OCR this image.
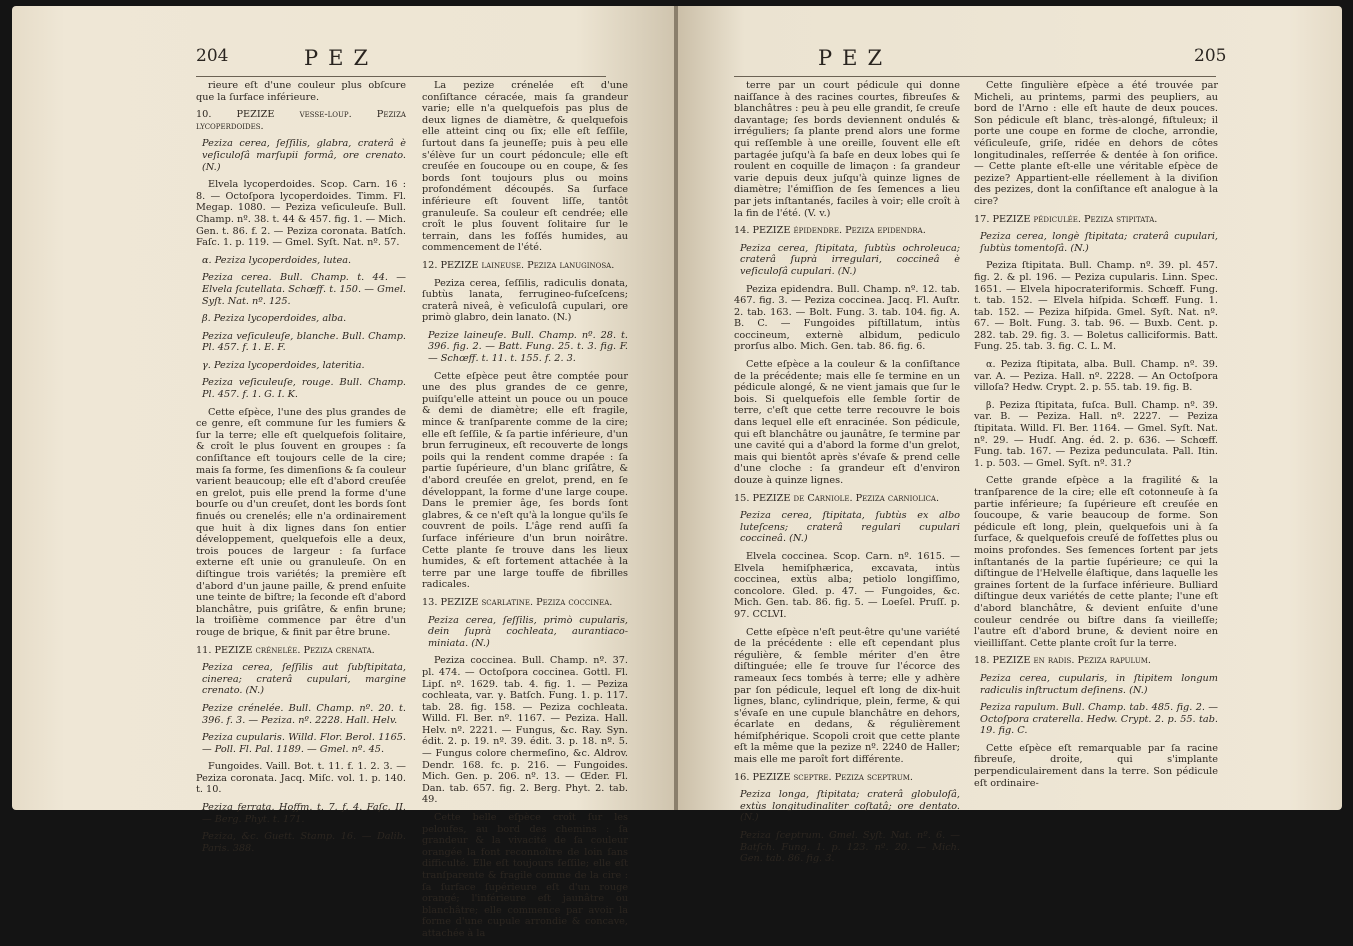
204	PEZ

rieure eſt d'une couleur plus obſcure que la ſurface inférieure.

10. PEZIZE veſſe-loup. Peziza lycoperdoides.

Peziza cerea, ſeſſilis, glabra, craterâ è veſiculoſâ marſupii formâ, ore crenato. (N.)

Elvela lycoperdoides. Scop. Carn. 16 : 8. — Octoſpora lycoperdoides. Timm. Fl. Megap. 1080. — Peziza veſiculeuſe. Bull. Champ. nº. 38. t. 44 & 457. fig. 1. — Mich. Gen. t. 86. f. 2. — Peziza coronata. Batſch. Faſc. 1. p. 119. — Gmel. Syſt. Nat. nº. 57.

α. Peziza lycoperdoides, lutea.

Peziza cerea. Bull. Champ. t. 44. — Elvela ſcutellata. Schœff. t. 150. — Gmel. Syſt. Nat. nº. 125.

β. Peziza lycoperdoides, alba.

Peziza veſiculeuſe, blanche. Bull. Champ. Pl. 457. f. 1. E. F.

γ. Peziza lycoperdoides, lateritia.

Peziza veſiculeuſe, rouge. Bull. Champ. Pl. 457. f. 1. G. I. K.

Cette eſpèce, l'une des plus grandes de ce genre, eſt commune ſur les fumiers & ſur la terre; elle eſt quelquefois ſolitaire, & croît le plus ſouvent en groupes : ſa conſiſtance eſt toujours celle de la cire; mais ſa forme, ſes dimenſions & ſa couleur varient beaucoup; elle eſt d'abord creuſée en grelot, puis elle prend la forme d'une bourſe ou d'un creuſet, dont les bords ſont finués ou crenelés; elle n'a ordinairement que huit à dix lignes dans ſon entier développement, quelquefois elle a deux, trois pouces de largeur : ſa ſurface externe eſt unie ou granuleuſe. On en diſtingue trois variétés; la première eſt d'abord d'un jaune paille, & prend enſuite une teinte de biſtre; la ſeconde eſt d'abord blanchâtre, puis griſâtre, & enfin brune; la troiſième commence par être d'un rouge de brique, & finit par être brune.

11. PEZIZE crénelée. Peziza crenata.

Peziza cerea, ſeſſilis aut ſubſtipitata, cinerea; craterâ cupulari, margine crenato. (N.)

Pezize crénelée. Bull. Champ. nº. 20. t. 396. f. 3. — Peziza. nº. 2228. Hall. Helv.

Peziza cupularis. Willd. Flor. Berol. 1165. — Poll. Fl. Pal. 1189. — Gmel. nº. 45.

Fungoides. Vaill. Bot. t. 11. f. 1. 2. 3. — Peziza coronata. Jacq. Miſc. vol. 1. p. 140. t. 10.

Peziza ferrata. Hoffm. t. 7. f. 4. Faſc. II. — Berg. Phyt. t. 171.

Peziza, &c. Guett. Stamp. 16. — Dalib. Paris. 388.

La pezize crénelée eſt d'une conſiſtance céracée, mais ſa grandeur varie; elle n'a quelquefois pas plus de deux lignes de diamètre, & quelquefois elle atteint cinq ou ſix; elle eſt ſeſſile, ſurtout dans ſa jeuneſſe; puis à peu elle s'élève ſur un court pédoncule; elle eſt creuſée en ſoucoupe ou en coupe, & ſes bords ſont toujours plus ou moins profondément découpés. Sa ſurface inférieure eſt ſouvent liſſe, tantôt granuleuſe. Sa couleur eſt cendrée; elle croît le plus ſouvent ſolitaire ſur le terrain, dans les foſſés humides, au commencement de l'été.

12. PEZIZE laineuſe. Peziza lanuginoſa.

Peziza cerea, ſeſſilis, radiculis donata, ſubtùs lanata, ferrugineo-fuſceſcens; craterâ niveâ, è veſiculoſâ cupulari, ore primò glabro, dein lanato. (N.)

Pezize laineuſe. Bull. Champ. nº. 28. t. 396. fig. 2. — Batt. Fung. 25. t. 3. fig. F. — Schœff. t. 11. t. 155. f. 2. 3.

Cette eſpèce peut être comptée pour une des plus grandes de ce genre, puiſqu'elle atteint un pouce ou un pouce & demi de diamètre; elle eſt fragile, mince & tranſparente comme de la cire; elle eſt ſeſſile, & ſa partie inférieure, d'un brun ferrugineux, eſt recouverte de longs poils qui la rendent comme drapée : ſa partie ſupérieure, d'un blanc griſâtre, & d'abord creuſée en grelot, prend, en ſe développant, la forme d'une large coupe. Dans le premier âge, ſes bords ſont glabres, & ce n'eſt qu'à la longue qu'ils ſe couvrent de poils. L'âge rend auſſi ſa ſurface inférieure d'un brun noirâtre. Cette plante ſe trouve dans les lieux humides, & eſt fortement attachée à la terre par une large touffe de fibrilles radicales.

13. PEZIZE ſcarlatine. Peziza coccinea.

Peziza cerea, ſeſſilis, primò cupularis, dein ſuprà cochleata, aurantiaco-miniata. (N.)

Peziza coccinea. Bull. Champ. nº. 37. pl. 474. — Octoſpora coccinea. Gottl. Fl. Lipſ. nº. 1629. tab. 4. fig. 1. — Peziza cochleata, var. γ. Batſch. Fung. 1. p. 117. tab. 28. fig. 158. — Peziza cochleata. Willd. Fl. Ber. nº. 1167. — Peziza. Hall. Helv. nº. 2221. — Fungus, &c. Ray. Syn. édit. 2. p. 19. nº. 39. édit. 3. p. 18. nº. 5. — Fungus colore chermeſino, &c. Aldrov. Dendr. 168. fc. p. 216. — Fungoides. Mich. Gen. p. 206. nº. 13. — Œder. Fl. Dan. tab. 657. fig. 2. Berg. Phyt. 2. tab. 49.

Cette belle eſpèce croît ſur les peloufes, au bord des chemins : ſa grandeur & la vivacité de ſa couleur orangée la font reconnoître de loin ſans difficulté. Elle eſt toujours ſeſſile; elle eſt tranſparente & fragile comme de la cire : ſa ſurface ſupérieure eſt d'un rouge orangé; l'inférieure eſt jaunâtre ou blanchâtre; elle commence par avoir la forme d'une cupule arrondie & concave, attachée à la

PEZ	205

terre par un court pédicule qui donne naiſſance à des racines courtes, fibreuſes & blanchâtres : peu à peu elle grandit, ſe creuſe davantage; ſes bords deviennent ondulés & irréguliers; ſa plante prend alors une forme qui reſſemble à une oreille, ſouvent elle eſt partagée juſqu'à ſa baſe en deux lobes qui ſe roulent en coquille de limaçon : ſa grandeur varie depuis deux juſqu'à quinze lignes de diamètre; l'émiſſion de ſes ſemences a lieu par jets inſtantanés, faciles à voir; elle croît à la fin de l'été. (V. v.)

14. PEZIZE épidendre. Peziza epidendra.

Peziza cerea, ſtipitata, ſubtùs ochroleuca; craterâ ſuprà irregulari, coccineâ è veſiculoſâ cupulari. (N.)

Peziza epidendra. Bull. Champ. nº. 12. tab. 467. fig. 3. — Peziza coccinea. Jacq. Fl. Auſtr. 2. tab. 163. — Bolt. Fung. 3. tab. 104. fig. A. B. C. — Fungoides piſtillatum, intùs coccineum, externè albidum, pediculo prorſus albo. Mich. Gen. tab. 86. fig. 6.

Cette eſpèce a la couleur & la conſiſtance de la précédente; mais elle ſe termine en un pédicule alongé, & ne vient jamais que ſur le bois. Si quelquefois elle ſemble ſortir de terre, c'eſt que cette terre recouvre le bois dans lequel elle eſt enracinée. Son pédicule, qui eſt blanchâtre ou jaunâtre, ſe termine par une cavité qui a d'abord la forme d'un grelot, mais qui bientôt après s'évaſe & prend celle d'une cloche : ſa grandeur eſt d'environ douze à quinze lignes.

15. PEZIZE de Carniole. Peziza carniolica.

Peziza cerea, ſtipitata, ſubtùs ex albo luteſcens; craterâ regulari cupulari coccineâ. (N.)

Elvela coccinea. Scop. Carn. nº. 1615. — Elvela hemiſphærica, excavata, intùs coccinea, extùs alba; petiolo longiſſimo, concolore. Gled. p. 47. — Fungoides, &c. Mich. Gen. tab. 86. fig. 5. — Loeſel. Pruſſ. p. 97. CCLVI.

Cette eſpèce n'eſt peut-être qu'une variété de la précédente : elle eſt cependant plus régulière, & ſemble mériter d'en être diſtinguée; elle ſe trouve ſur l'écorce des rameaux ſecs tombés à terre; elle y adhère par ſon pédicule, lequel eſt long de dix-huit lignes, blanc, cylindrique, plein, ferme, & qui s'évaſe en une cupule blanchâtre en dehors, écarlate en dedans, & régulièrement hémiſphérique. Scopoli croit que cette plante eſt la même que la pezize nº. 2240 de Haller; mais elle me paroît fort différente.

16. PEZIZE ſceptre. Peziza ſceptrum.

Peziza longa, ſtipitata; craterâ globuloſâ, extùs longitudinaliter coſtatâ; ore dentato. (N.)

Peziza ſceptrum. Gmel. Syſt. Nat. nº. 6. — Batſch. Fung. 1. p. 123. nº. 20. — Mich. Gen. tab. 86. fig. 3.

Cette ſingulière eſpèce a été trouvée par Micheli, au printems, parmi des peupliers, au bord de l'Arno : elle eſt haute de deux pouces. Son pédicule eſt blanc, très-alongé, fiſtuleux; il porte une coupe en forme de cloche, arrondie, véſiculeuſe, griſe, ridée en dehors de côtes longitudinales, reſſerrée & dentée à ſon orifice. — Cette plante eſt-elle une véritable eſpèce de pezize? Appartient-elle réellement à la diviſion des pezizes, dont la conſiſtance eſt analogue à la cire?

17. PEZIZE pédiculée. Peziza ſtipitata.

Peziza cerea, longè ſtipitata; craterâ cupulari, ſubtùs tomentoſâ. (N.)

Peziza ſtipitata. Bull. Champ. nº. 39. pl. 457. fig. 2. & pl. 196. — Peziza cupularis. Linn. Spec. 1651. — Elvela hipocrateriformis. Schœff. Fung. t. tab. 152. — Elvela hiſpida. Schœff. Fung. 1. tab. 152. — Peziza hiſpida. Gmel. Syſt. Nat. nº. 67. — Bolt. Fung. 3. tab. 96. — Buxb. Cent. p. 282. tab. 29. fig. 3. — Boletus calliciformis. Batt. Fung. 25. tab. 3. fig. C. L. M.

α. Peziza ſtipitata, alba. Bull. Champ. nº. 39. var. A. — Peziza. Hall. nº. 2228. — An Octoſpora villoſa? Hedw. Crypt. 2. p. 55. tab. 19. fig. B.

β. Peziza ſtipitata, fuſca. Bull. Champ. nº. 39. var. B. — Peziza. Hall. nº. 2227. — Peziza ſtipitata. Willd. Fl. Ber. 1164. — Gmel. Syſt. Nat. nº. 29. — Hudſ. Ang. éd. 2. p. 636. — Schœff. Fung. tab. 167. — Peziza pedunculata. Pall. Itin. 1. p. 503. — Gmel. Syſt. nº. 31.?

Cette grande eſpèce a la fragilité & la tranſparence de la cire; elle eſt cotonneuſe à ſa partie inférieure; ſa ſupérieure eſt creuſée en ſoucoupe, & varie beaucoup de forme. Son pédicule eſt long, plein, quelquefois uni à ſa ſurface, & quelquefois creuſé de foſſettes plus ou moins profondes. Ses ſemences ſortent par jets inſtantanés de la partie ſupérieure; ce qui la diſtingue de l'Helvelle élaſtique, dans laquelle les graines ſortent de la ſurface inférieure. Bulliard diſtingue deux variétés de cette plante; l'une eſt d'abord blanchâtre, & devient enſuite d'une couleur cendrée ou biſtre dans ſa vieilleſſe; l'autre eſt d'abord brune, & devient noire en vieilliſſant. Cette plante croît ſur la terre.

18. PEZIZE en radis. Peziza rapulum.

Peziza cerea, cupularis, in ſtipitem longum radiculis inſtructum deſinens. (N.)

Peziza rapulum. Bull. Champ. tab. 485. fig. 2. — Octoſpora craterella. Hedw. Crypt. 2. p. 55. tab. 19. fig. C.

Cette eſpèce eſt remarquable par ſa racine fibreuſe, droite, qui s'implante perpendiculairement dans la terre. Son pédicule eſt ordinaire-
